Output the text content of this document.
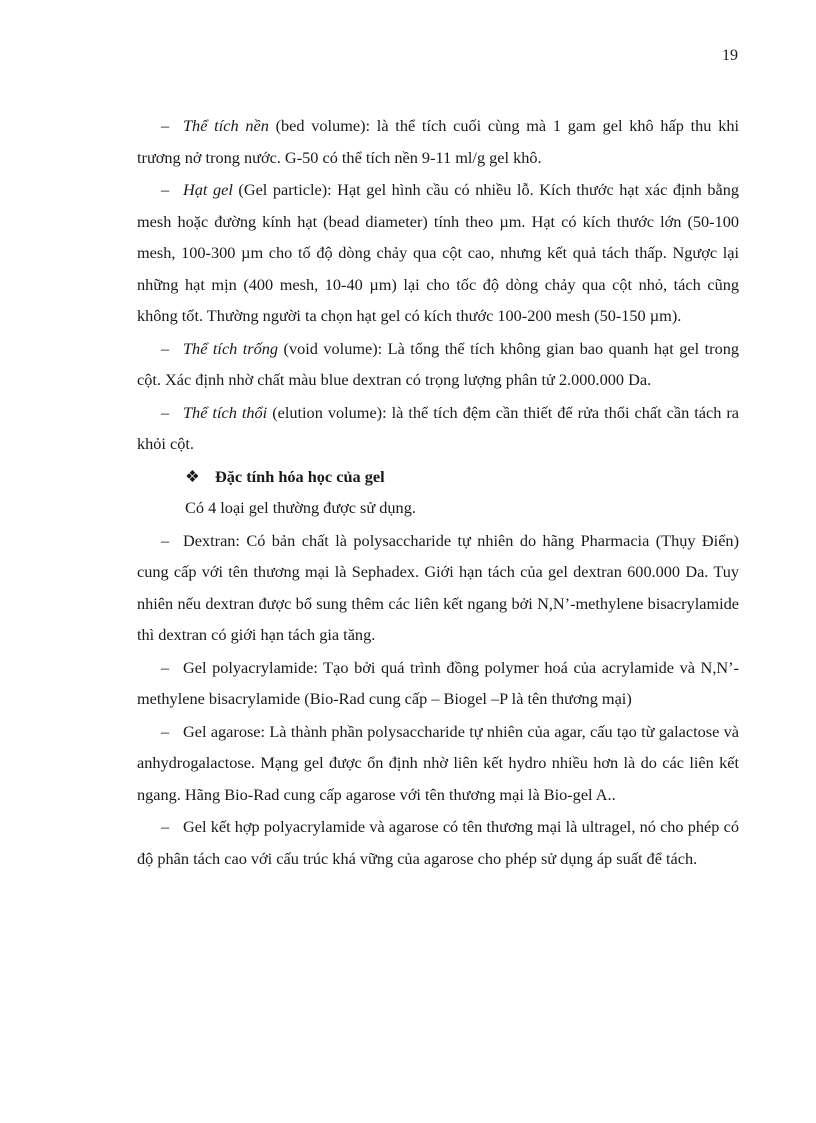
19

– Thể tích nền (bed volume): là thể tích cuối cùng mà 1 gam gel khô hấp thu khi trương nở trong nước. G-50 có thể tích nền 9-11 ml/g gel khô.

– Hạt gel (Gel particle): Hạt gel hình cầu có nhiều lỗ. Kích thước hạt xác định bằng mesh hoặc đường kính hạt (bead diameter) tính theo µm. Hạt có kích thước lớn (50-100 mesh, 100-300 µm cho tố độ dòng chảy qua cột cao, nhưng kết quả tách thấp. Ngược lại những hạt mịn (400 mesh, 10-40 µm) lại cho tốc độ dòng chảy qua cột nhỏ, tách cũng không tốt. Thường người ta chọn hạt gel có kích thước 100-200 mesh (50-150 µm).

– Thể tích trống (void volume): Là tổng thể tích không gian bao quanh hạt gel trong cột. Xác định nhờ chất màu blue dextran có trọng lượng phân tử 2.000.000 Da.

– Thể tích thổi (elution volume): là thể tích đệm cần thiết để rửa thổi chất cần tách ra khỏi cột.

❖ Đặc tính hóa học của gel

Có 4 loại gel thường được sử dụng.

– Dextran: Có bản chất là polysaccharide tự nhiên do hãng Pharmacia (Thụy Điển) cung cấp với tên thương mại là Sephadex. Giới hạn tách của gel dextran 600.000 Da. Tuy nhiên nếu dextran được bổ sung thêm các liên kết ngang bởi N,N’-methylene bisacrylamide thì dextran có giới hạn tách gia tăng.

– Gel polyacrylamide: Tạo bởi quá trình đồng polymer hoá của acrylamide và N,N’-methylene bisacrylamide (Bio-Rad cung cấp – Biogel –P là tên thương mại)

– Gel agarose: Là thành phần polysaccharide tự nhiên của agar, cấu tạo từ galactose và anhydrogalactose. Mạng gel được ổn định nhờ liên kết hydro nhiều hơn là do các liên kết ngang. Hãng Bio-Rad cung cấp agarose với tên thương mại là Bio-gel A..

– Gel kết hợp polyacrylamide và agarose có tên thương mại là ultragel, nó cho phép có độ phân tách cao với cấu trúc khá vững của agarose cho phép sử dụng áp suất để tách.
